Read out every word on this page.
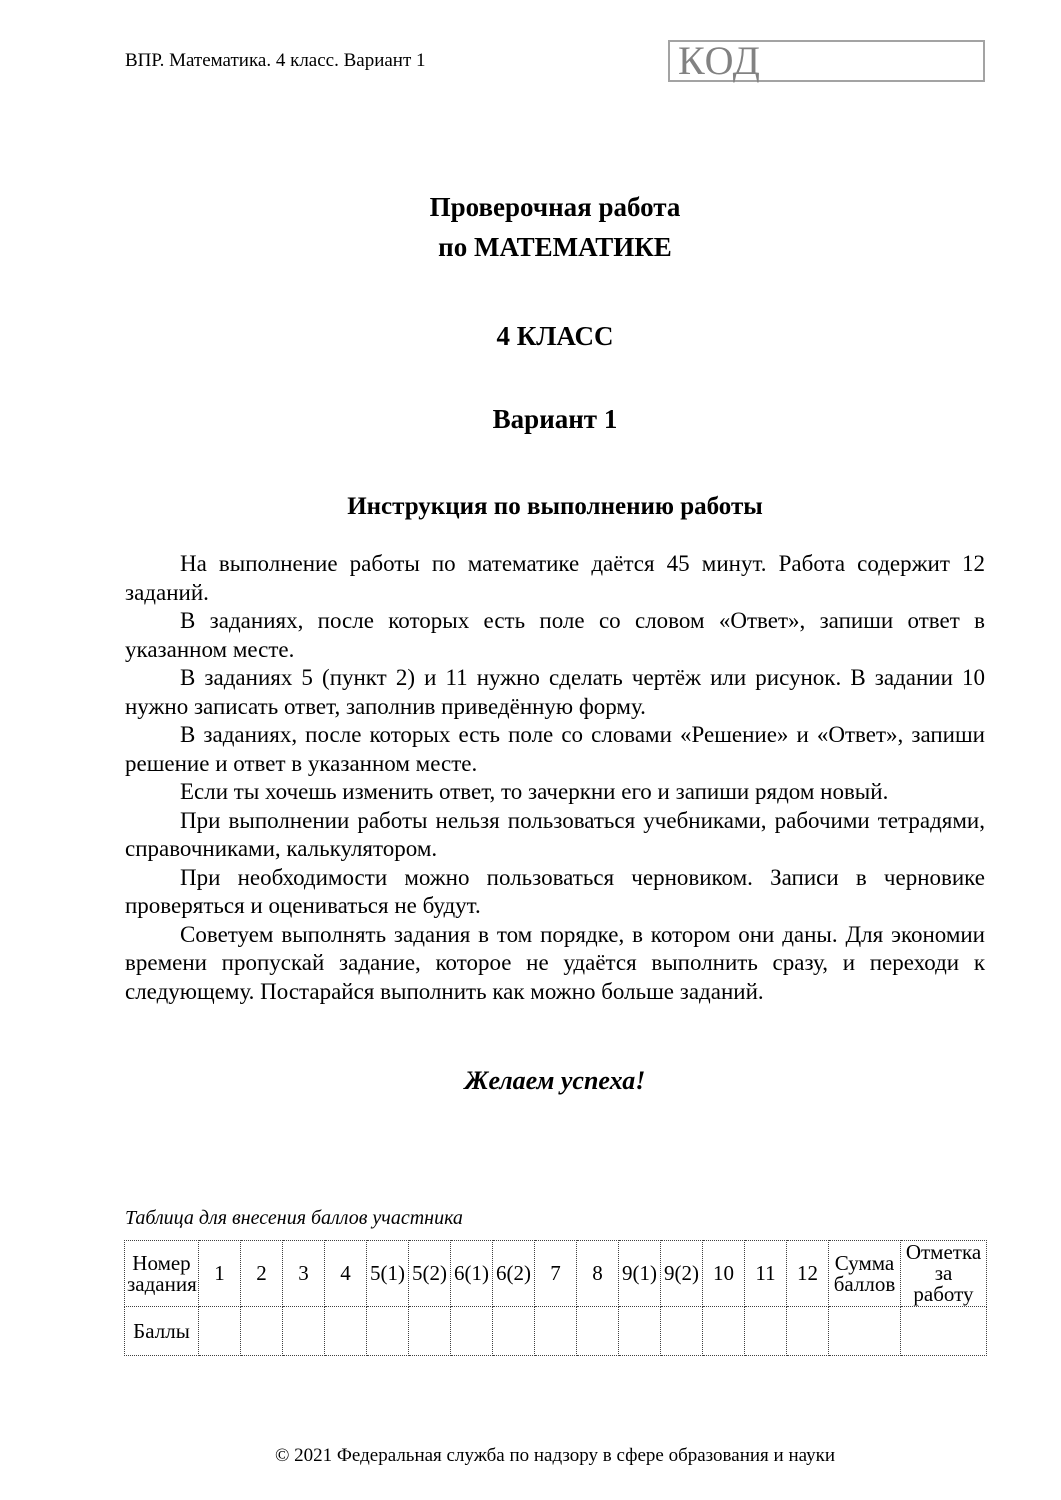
ВПР. Математика. 4 класс. Вариант 1	КОД
Проверочная работа
по МАТЕМАТИКЕ
4 КЛАСС
Вариант 1
Инструкция по выполнению работы

На выполнение работы по математике даётся 45 минут. Работа содержит 12 заданий.

В заданиях, после которых есть поле со словом «Ответ», запиши ответ в указанном месте.

В заданиях 5 (пункт 2) и 11 нужно сделать чертёж или рисунок. В задании 10 нужно записать ответ, заполнив приведённую форму.

В заданиях, после которых есть поле со словами «Решение» и «Ответ», запиши решение и ответ в указанном месте.

Если ты хочешь изменить ответ, то зачеркни его и запиши рядом новый.

При выполнении работы нельзя пользоваться учебниками, рабочими тетрадями, справочниками, калькулятором.

При необходимости можно пользоваться черновиком. Записи в черновике проверяться и оцениваться не будут.

Советуем выполнять задания в том порядке, в котором они даны. Для экономии времени пропускай задание, которое не удаётся выполнить сразу, и переходи к следующему. Постарайся выполнить как можно больше заданий.

Желаем успеха!
Таблица для внесения баллов участника
Номер задания	1	2	3	4	5(1)	5(2)	6(1)	6(2)	7	8	9(1)	9(2)	10	11	12	Сумма баллов	Отметка за работу
Баллы																	
© 2021 Федеральная служба по надзору в сфере образования и науки
